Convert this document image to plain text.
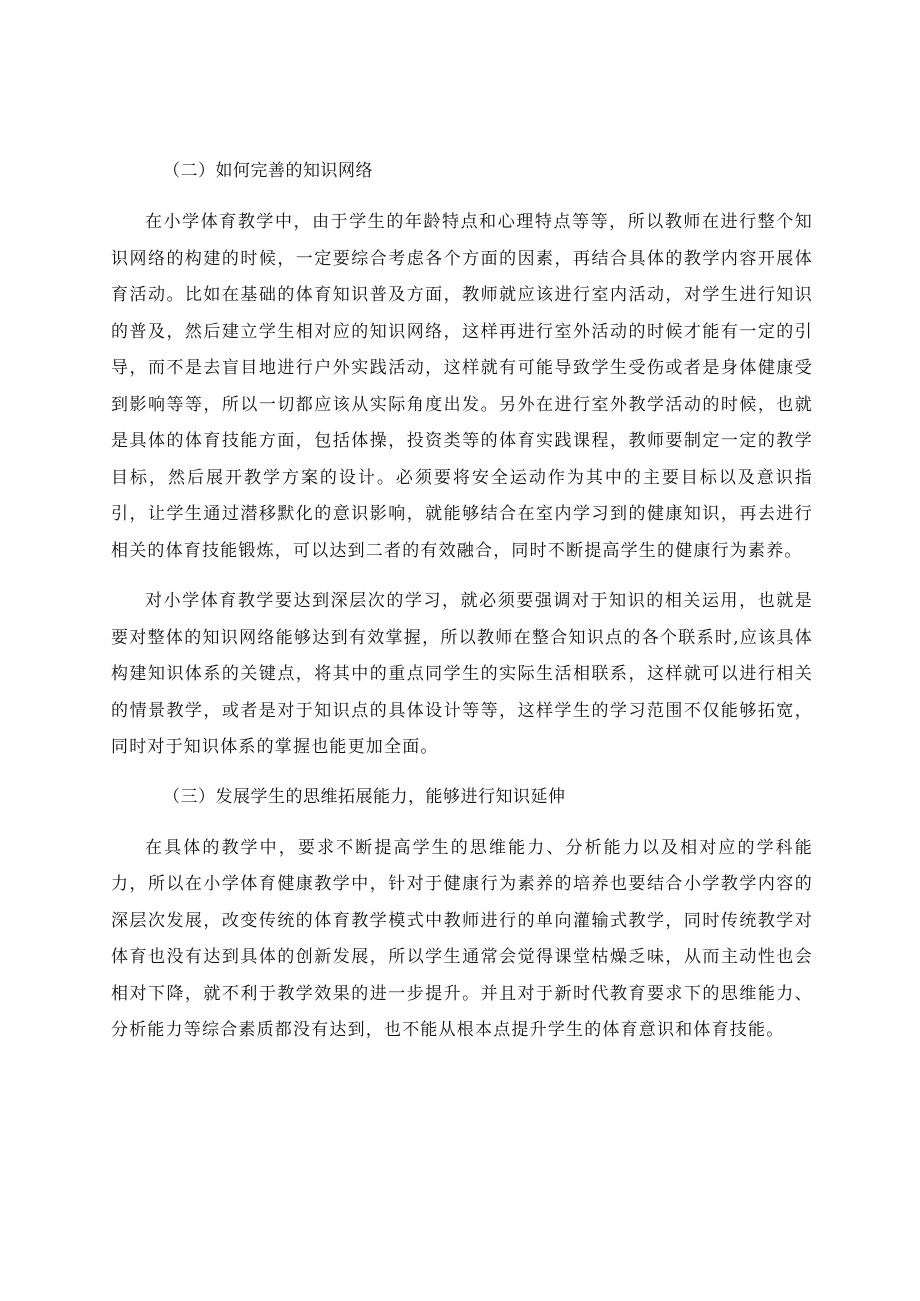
（二）如何完善的知识网络

在小学体育教学中，由于学生的年龄特点和心理特点等等，所以教师在进行整个知识网络的构建的时候，一定要综合考虑各个方面的因素，再结合具体的教学内容开展体育活动。比如在基础的体育知识普及方面，教师就应该进行室内活动，对学生进行知识的普及，然后建立学生相对应的知识网络，这样再进行室外活动的时候才能有一定的引导，而不是去盲目地进行户外实践活动，这样就有可能导致学生受伤或者是身体健康受到影响等等，所以一切都应该从实际角度出发。另外在进行室外教学活动的时候，也就是具体的体育技能方面，包括体操，投资类等的体育实践课程，教师要制定一定的教学目标，然后展开教学方案的设计。必须要将安全运动作为其中的主要目标以及意识指引，让学生通过潜移默化的意识影响，就能够结合在室内学习到的健康知识，再去进行相关的体育技能锻炼，可以达到二者的有效融合，同时不断提高学生的健康行为素养。

对小学体育教学要达到深层次的学习，就必须要强调对于知识的相关运用，也就是要对整体的知识网络能够达到有效掌握，所以教师在整合知识点的各个联系时,应该具体构建知识体系的关键点，将其中的重点同学生的实际生活相联系，这样就可以进行相关的情景教学，或者是对于知识点的具体设计等等，这样学生的学习范围不仅能够拓宽，同时对于知识体系的掌握也能更加全面。

（三）发展学生的思维拓展能力，能够进行知识延伸

在具体的教学中，要求不断提高学生的思维能力、分析能力以及相对应的学科能力，所以在小学体育健康教学中，针对于健康行为素养的培养也要结合小学教学内容的深层次发展，改变传统的体育教学模式中教师进行的单向灌输式教学，同时传统教学对体育也没有达到具体的创新发展，所以学生通常会觉得课堂枯燥乏味，从而主动性也会相对下降，就不利于教学效果的进一步提升。并且对于新时代教育要求下的思维能力、分析能力等综合素质都没有达到，也不能从根本点提升学生的体育意识和体育技能。
